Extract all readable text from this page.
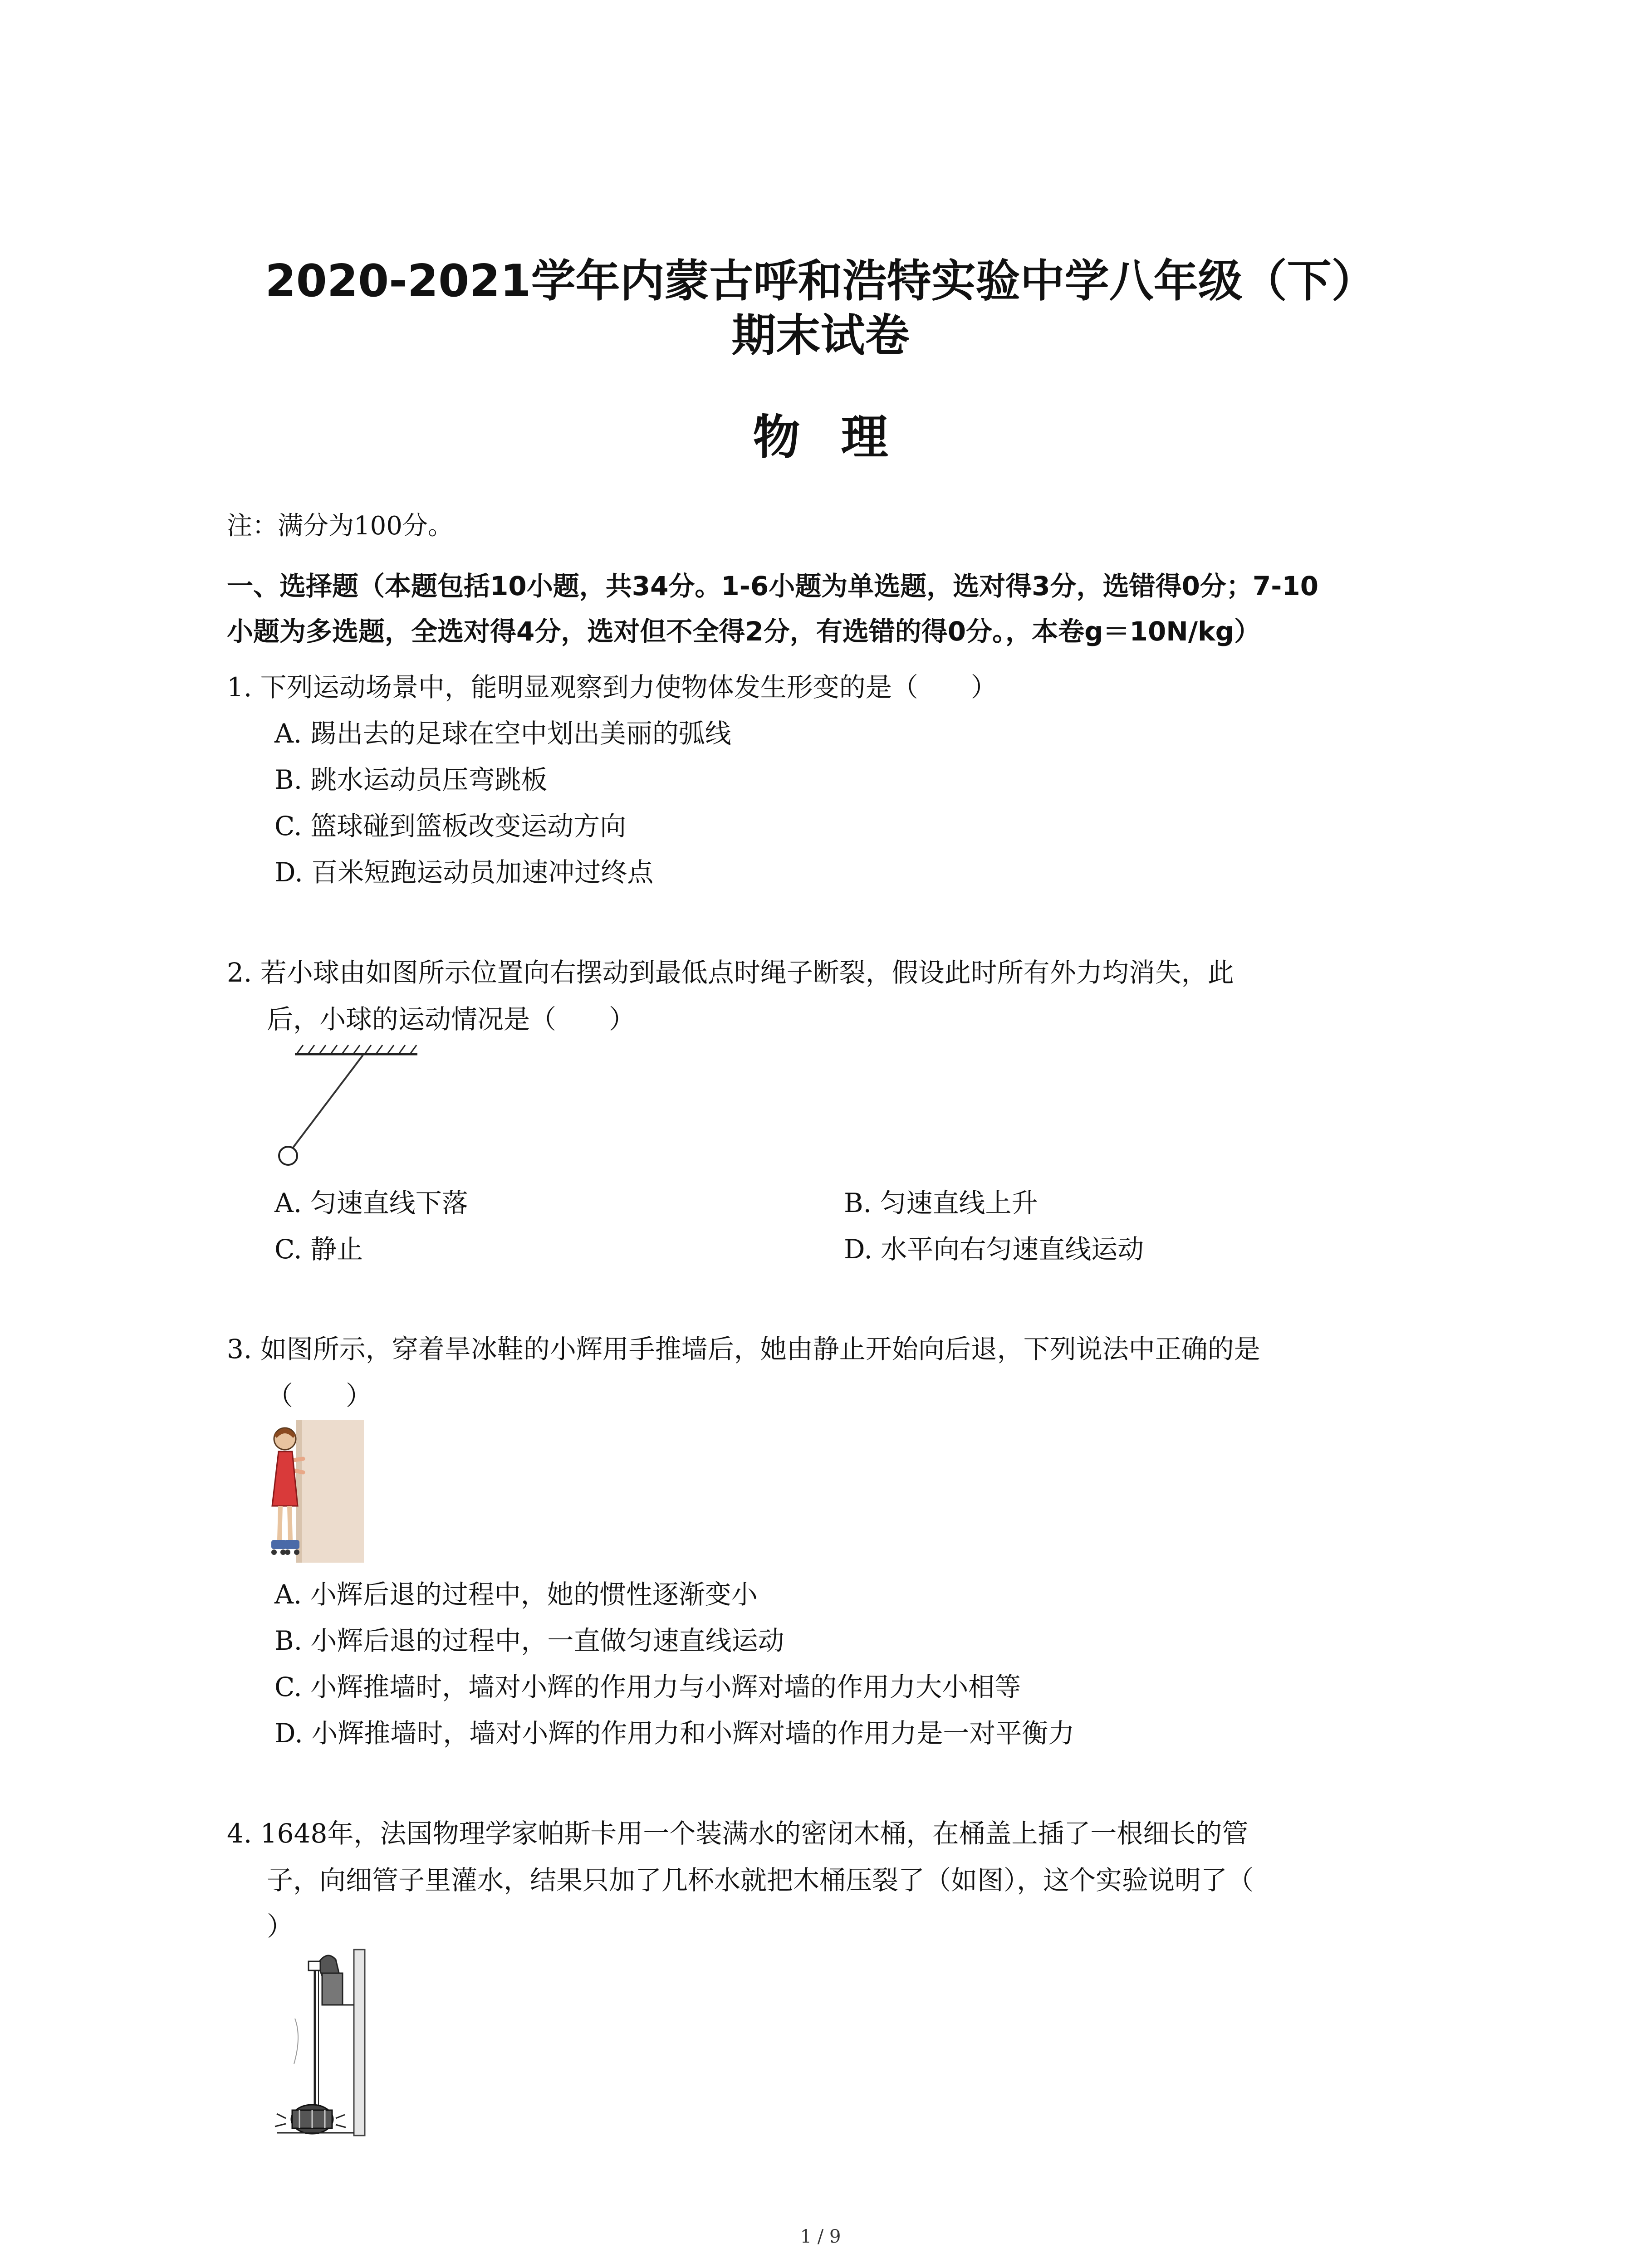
2020-2021学年内蒙古呼和浩特实验中学八年级（下）
期末试卷
物理
注：满分为100分。
一、选择题（本题包括10小题，共34分。1-6小题为单选题，选对得3分，选错得0分；7-10
小题为多选题，全选对得4分，选对但不全得2分，有选错的得0分。，本卷g＝10N/kg）
1. 下列运动场景中，能明显观察到力使物体发生形变的是（　　）
A. 踢出去的足球在空中划出美丽的弧线
B. 跳水运动员压弯跳板
C. 篮球碰到篮板改变运动方向
D. 百米短跑运动员加速冲过终点
2. 若小球由如图所示位置向右摆动到最低点时绳子断裂，假设此时所有外力均消失，此
后，小球的运动情况是（　　）
A. 匀速直线下落	B. 匀速直线上升
C. 静止	D. 水平向右匀速直线运动
3. 如图所示，穿着旱冰鞋的小辉用手推墙后，她由静止开始向后退，下列说法中正确的是
（　　）
A. 小辉后退的过程中，她的惯性逐渐变小
B. 小辉后退的过程中，一直做匀速直线运动
C. 小辉推墙时，墙对小辉的作用力与小辉对墙的作用力大小相等
D. 小辉推墙时，墙对小辉的作用力和小辉对墙的作用力是一对平衡力
4. 1648年，法国物理学家帕斯卡用一个装满水的密闭木桶，在桶盖上插了一根细长的管
子，向细管子里灌水，结果只加了几杯水就把木桶压裂了（如图），这个实验说明了（
）
1 / 9
